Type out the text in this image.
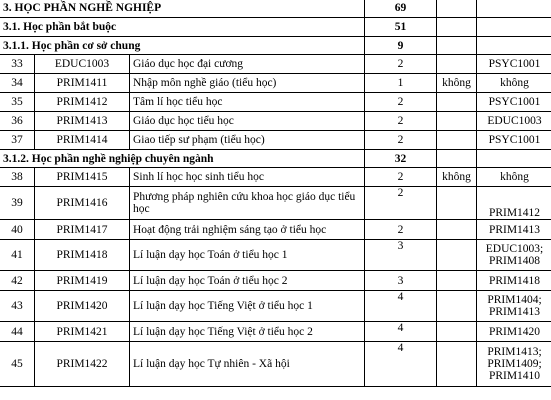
3. HỌC PHẦN NGHỀ NGHIỆP			69		
3.1. Học phần bắt buộc			51		
3.1.1. Học phần cơ sở chung			9		
33	EDUC1003	Giáo dục học đại cương	2		PSYC1001
34	PRIM1411	Nhập môn nghề giáo (tiểu học)	1	không	không
35	PRIM1412	Tâm lí học tiểu học	2		PSYC1001
36	PRIM1413	Giáo dục học tiểu học	2		EDUC1003
37	PRIM1414	Giao tiếp sư phạm (tiểu học)	2		PSYC1001
3.1.2. Học phần nghề nghiệp chuyên ngành			32		
38	PRIM1415	Sinh lí học học sinh tiểu học	2	không	không
39	PRIM1416	Phương pháp nghiên cứu khoa học giáo dục tiểu học	2		PRIM1412
40	PRIM1417	Hoạt động trải nghiệm sáng tạo ở tiểu học	2		PRIM1413
41	PRIM1418	Lí luận dạy học Toán ở tiểu học 1	3		EDUC1003; PRIM1408
42	PRIM1419	Lí luận dạy học Toán ở tiểu học 2	3		PRIM1418
43	PRIM1420	Lí luận dạy học Tiếng Việt ở tiểu học 1	4		PRIM1404; PRIM1413
44	PRIM1421	Lí luận dạy học Tiếng Việt ở tiểu học 2	4		PRIM1420
45	PRIM1422	Lí luận dạy học Tự nhiên - Xã hội	4		PRIM1413; PRIM1409; PRIM1410
